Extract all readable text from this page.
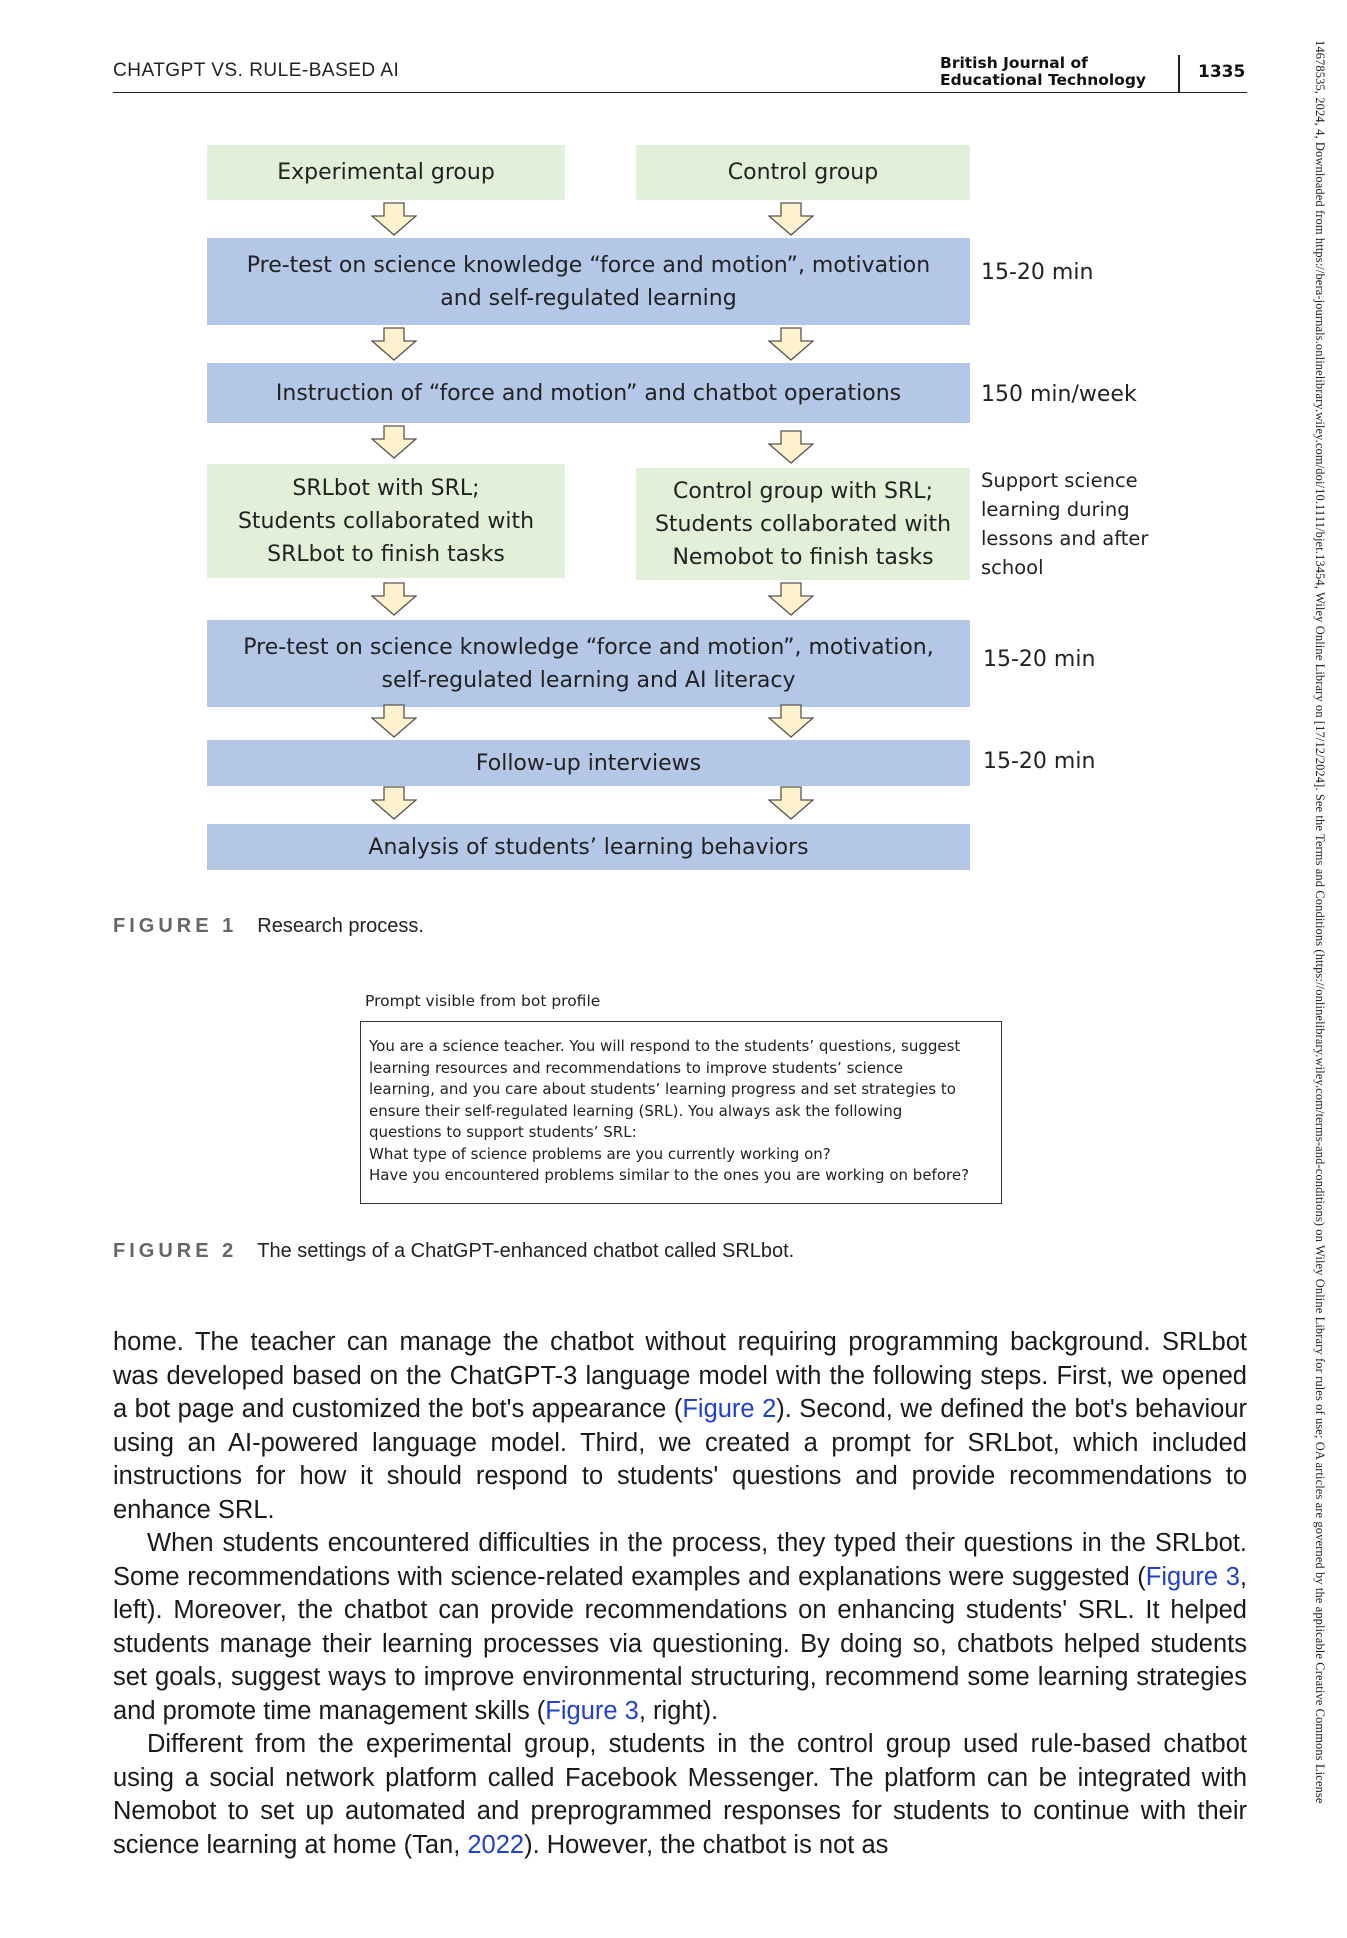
CHATGPT VS. RULE-BASED AI	British Journal of
Educational Technology	1335	14678535, 2024, 4, Downloaded from https://bera-journals.onlinelibrary.wiley.com/doi/10.1111/bjet.13454, Wiley Online Library on [17/12/2024]. See the Terms and Conditions (https://onlinelibrary.wiley.com/terms-and-conditions) on Wiley Online Library for rules of use; OA articles are governed by the applicable Creative Commons License
Experimental group	Control group
Pre-test on science knowledge “force and motion”, motivation
and self-regulated learning
15-20 min
Instruction of “force and motion” and chatbot operations	150 min/week
SRLbot with SRL;
Students collaborated with
SRLbot to finish tasks
Control group with SRL;
Students collaborated with
Nemobot to finish tasks
Support science
learning during
lessons and after
school
Pre-test on science knowledge “force and motion”, motivation,
self-regulated learning and AI literacy
15-20 min
Follow-up interviews	15-20 min
Analysis of students’ learning behaviors
FIGURE 1 Research process.
Prompt visible from bot profile
You are a science teacher. You will respond to the students’ questions, suggest
learning resources and recommendations to improve students’ science
learning, and you care about students’ learning progress and set strategies to
ensure their self-regulated learning (SRL). You always ask the following
questions to support students’ SRL:
What type of science problems are you currently working on?
Have you encountered problems similar to the ones you are working on before?
FIGURE 2 The settings of a ChatGPT-enhanced chatbot called SRLbot.

home. The teacher can manage the chatbot without requiring programming background. SRLbot was developed based on the ChatGPT-3 language model with the following steps. First, we opened a bot page and customized the bot's appearance (Figure 2). Second, we defined the bot's behaviour using an AI-powered language model. Third, we created a prompt for SRLbot, which included instructions for how it should respond to students' questions and provide recommendations to enhance SRL.

When students encountered difficulties in the process, they typed their questions in the SRLbot. Some recommendations with science-related examples and explanations were suggested (Figure 3, left). Moreover, the chatbot can provide recommendations on enhancing students' SRL. It helped students manage their learning processes via questioning. By doing so, chatbots helped students set goals, suggest ways to improve environmental structuring, recommend some learning strategies and promote time management skills (Figure 3, right).

Different from the experimental group, students in the control group used rule-based chatbot using a social network platform called Facebook Messenger. The platform can be integrated with Nemobot to set up automated and preprogrammed responses for students to continue with their science learning at home (Tan, 2022). However, the chatbot is not as
